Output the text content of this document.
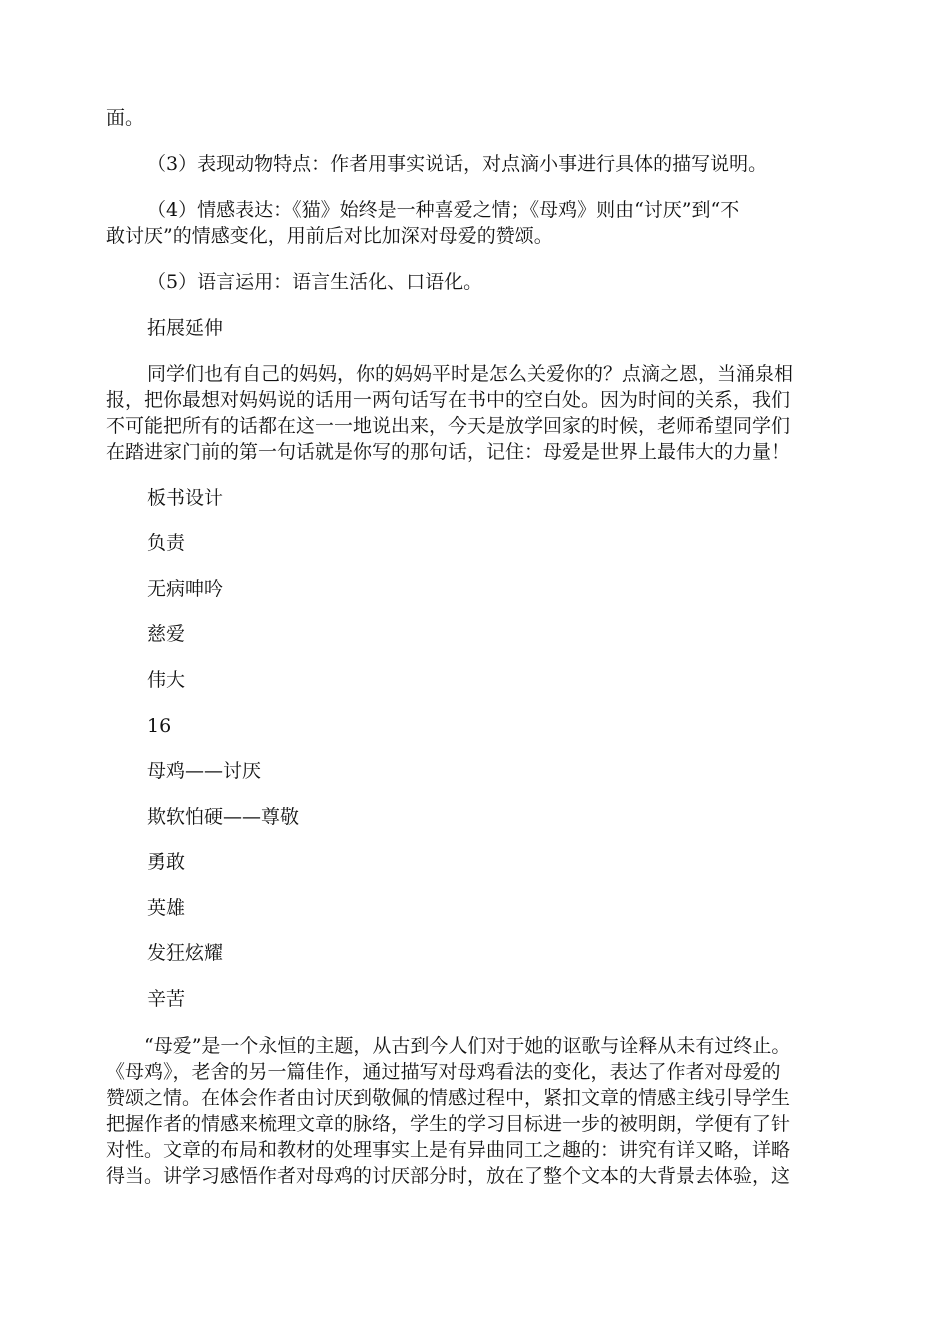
面。

（3）表现动物特点：作者用事实说话，对点滴小事进行具体的描写说明。

（4）情感表达：《猫》始终是一种喜爱之情；《母鸡》则由“讨厌”到“不

敢讨厌”的情感变化，用前后对比加深对母爱的赞颂。

（5）语言运用：语言生活化、口语化。

拓展延伸

同学们也有自己的妈妈，你的妈妈平时是怎么关爱你的？点滴之恩，当涌泉相

报，把你最想对妈妈说的话用一两句话写在书中的空白处。因为时间的关系，我们

不可能把所有的话都在这一一地说出来，今天是放学回家的时候，老师希望同学们

在踏进家门前的第一句话就是你写的那句话，记住：母爱是世界上最伟大的力量！

板书设计

负责

无病呻吟

慈爱

伟大

16

母鸡——讨厌

欺软怕硬——尊敬

勇敢

英雄

发狂炫耀

辛苦

　　“母爱”是一个永恒的主题，从古到今人们对于她的讴歌与诠释从未有过终止。

《母鸡》，老舍的另一篇佳作，通过描写对母鸡看法的变化，表达了作者对母爱的

赞颂之情。在体会作者由讨厌到敬佩的情感过程中，紧扣文章的情感主线引导学生

把握作者的情感来梳理文章的脉络，学生的学习目标进一步的被明朗，学便有了针

对性。文章的布局和教材的处理事实上是有异曲同工之趣的：讲究有详又略，详略

得当。讲学习感悟作者对母鸡的讨厌部分时，放在了整个文本的大背景去体验，这
